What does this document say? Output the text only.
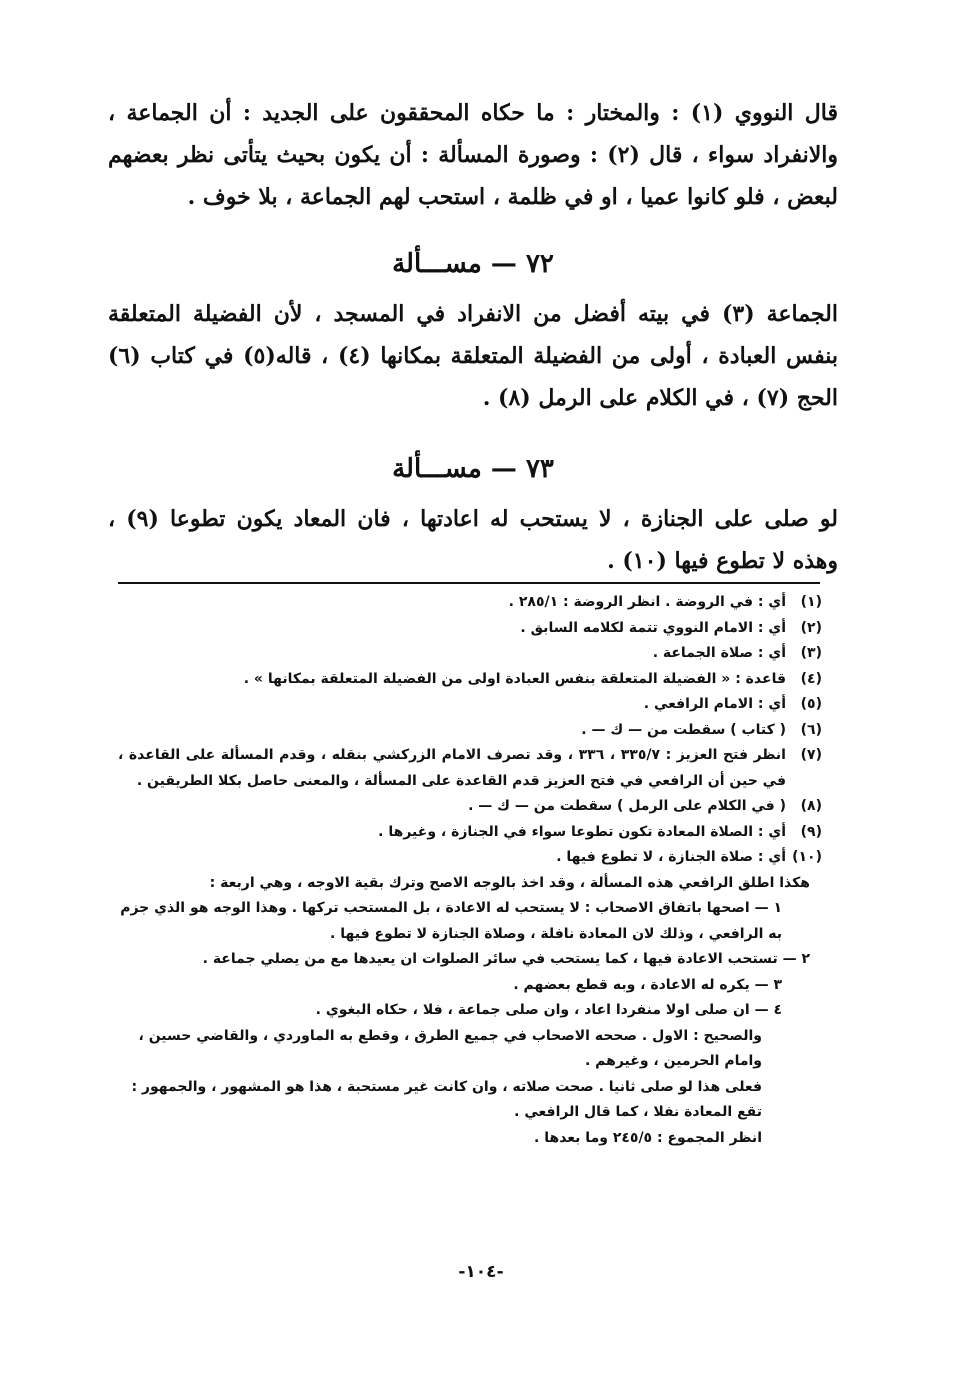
قال النووي (١) : والمختار : ما حكاه المحققون على الجديد : أن الجماعة ، والانفراد سواء ، قال (٢) : وصورة المسألة : أن يكون بحيث يتأتى نظر بعضهم لبعض ، فلو كانوا عميا ، او في ظلمة ، استحب لهم الجماعة ، بلا خوف .

٧٢ — مســـألة

الجماعة (٣) في بيته أفضل من الانفراد في المسجد ، لأن الفضيلة المتعلقة بنفس العبادة ، أولى من الفضيلة المتعلقة بمكانها (٤) ، قاله(٥) في كتاب (٦) الحج (٧) ، في الكلام على الرمل (٨) .

٧٣ — مســـألة

لو صلى على الجنازة ، لا يستحب له اعادتها ، فان المعاد يكون تطوعا (٩) ، وهذه لا تطوع فيها (١٠) .

(١)
أي : في الروضة . انظر الروضة : ٢٨٥/١ .
(٢)
أي : الامام النووي تتمة لكلامه السابق .
(٣)
أي : صلاة الجماعة .
(٤)
قاعدة : « الفضيلة المتعلقة بنفس العبادة اولى من الفضيلة المتعلقة بمكانها » .
(٥)
أي : الامام الرافعي .
(٦)
( كتاب ) سقطت من — ك — .
(٧)
انظر فتح العزيز : ٣٣٥/٧ ، ٣٣٦ ، وقد تصرف الامام الزركشي بنقله ، وقدم المسألة على القاعدة ، في حين أن الرافعي في فتح العزيز قدم القاعدة على المسألة ، والمعنى حاصل بكلا الطريقين .
(٨)
( في الكلام على الرمل ) سقطت من — ك — .
(٩)
أي : الصلاة المعادة تكون تطوعا سواء في الجنازة ، وغيرها .
(١٠)
أي : صلاة الجنازة ، لا تطوع فيها .
هكذا اطلق الرافعي هذه المسألة ، وقد اخذ بالوجه الاصح وترك بقية الاوجه ، وهي اربعة :
١ — اصحها باتفاق الاصحاب : لا يستحب له الاعادة ، بل المستحب تركها . وهذا الوجه هو الذي جزم به الرافعي ، وذلك لان المعادة نافلة ، وصلاة الجنازة لا تطوع فيها .
٢ — تستحب الاعادة فيها ، كما يستحب في سائر الصلوات ان يعيدها مع من يصلي جماعة .
٣ — يكره له الاعادة ، وبه قطع بعضهم .
٤ — ان صلى اولا منفردا اعاد ، وان صلى جماعة ، فلا ، حكاه البغوي .
والصحيح : الاول . صححه الاصحاب في جميع الطرق ، وقطع به الماوردي ، والقاضي حسين ، وامام الحرمين ، وغيرهم .
فعلى هذا لو صلى ثانيا . صحت صلاته ، وان كانت غير مستحبة ، هذا هو المشهور ، والجمهور : تقع المعادة نفلا ، كما قال الرافعي .
انظر المجموع : ٢٤٥/٥ وما بعدها .
-١٠٤-
